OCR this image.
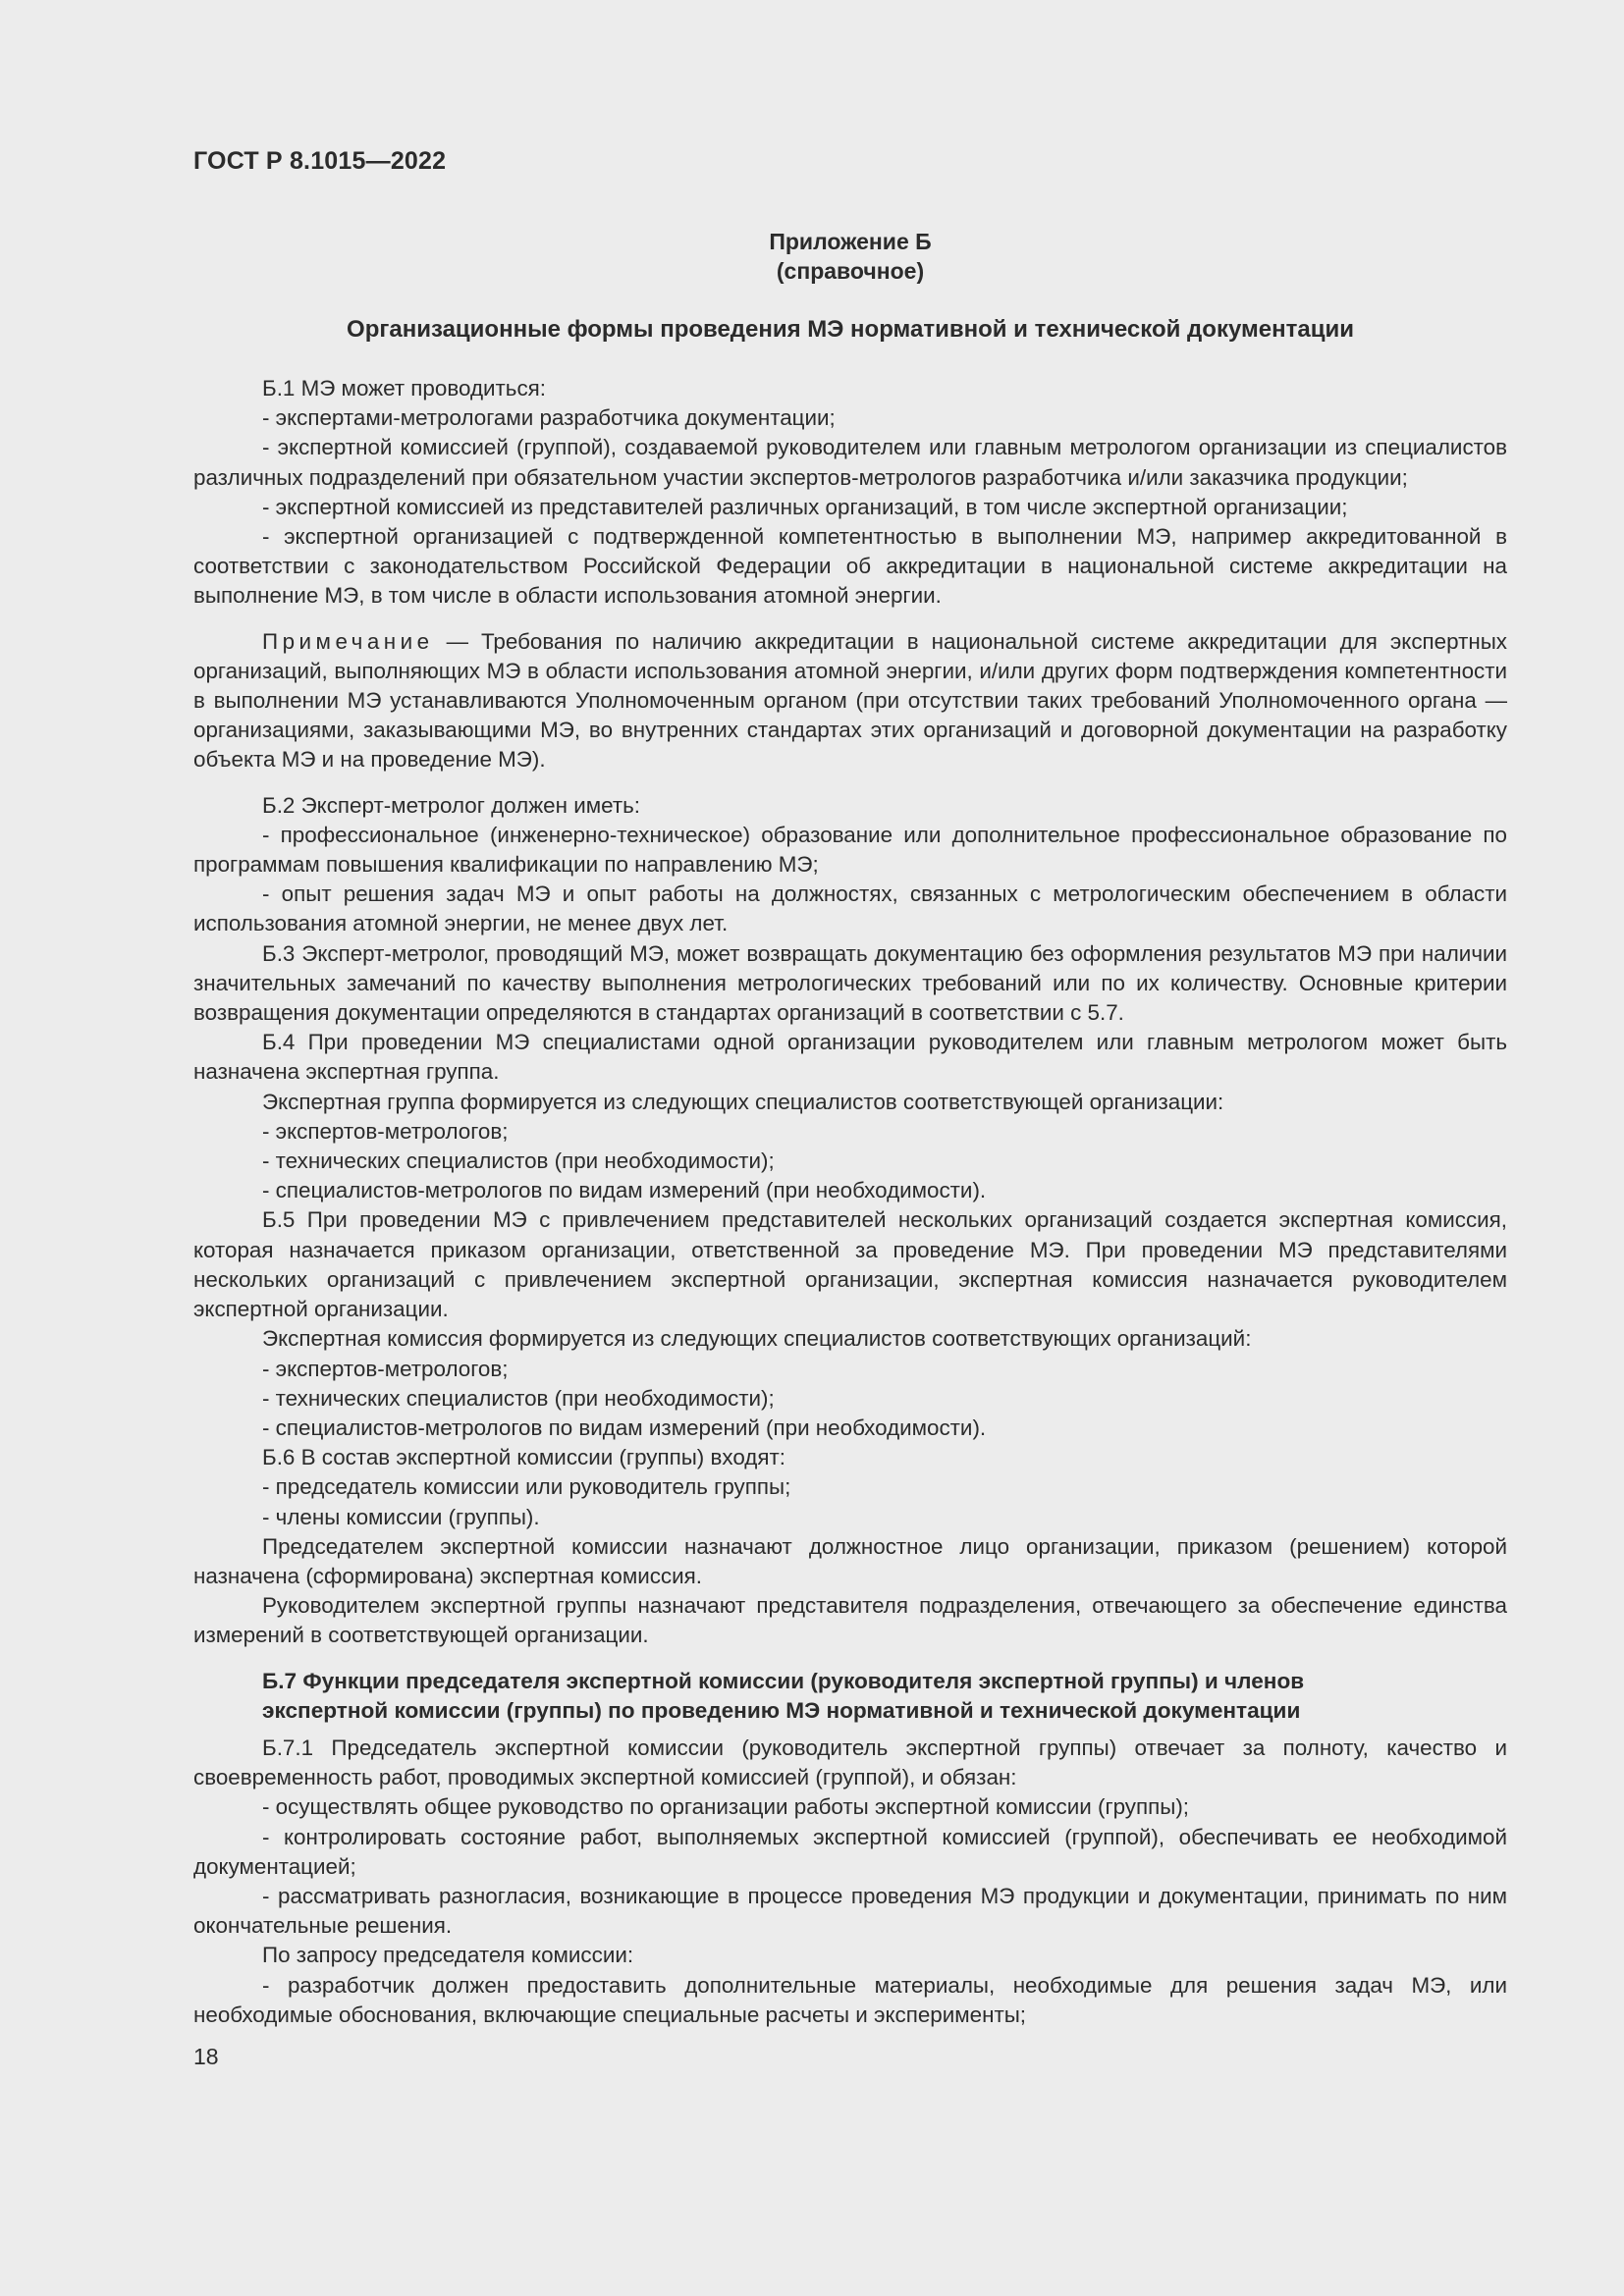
ГОСТ Р 8.1015—2022
Приложение Б
(справочное)
Организационные формы проведения МЭ нормативной и технической документации

Б.1 МЭ может проводиться:

- экспертами-метрологами разработчика документации;

- экспертной комиссией (группой), создаваемой руководителем или главным метрологом организации из специалистов различных подразделений при обязательном участии экспертов-метрологов разработчика и/или заказчика продукции;

- экспертной комиссией из представителей различных организаций, в том числе экспертной организации;

- экспертной организацией с подтвержденной компетентностью в выполнении МЭ, например аккредитованной в соответствии с законодательством Российской Федерации об аккредитации в национальной системе аккредитации на выполнение МЭ, в том числе в области использования атомной энергии.

Примечание — Требования по наличию аккредитации в национальной системе аккредитации для экспертных организаций, выполняющих МЭ в области использования атомной энергии, и/или других форм подтверждения компетентности в выполнении МЭ устанавливаются Уполномоченным органом (при отсутствии таких требований Уполномоченного органа — организациями, заказывающими МЭ, во внутренних стандартах этих организаций и договорной документации на разработку объекта МЭ и на проведение МЭ).

Б.2 Эксперт-метролог должен иметь:

- профессиональное (инженерно-техническое) образование или дополнительное профессиональное образование по программам повышения квалификации по направлению МЭ;

- опыт решения задач МЭ и опыт работы на должностях, связанных с метрологическим обеспечением в области использования атомной энергии, не менее двух лет.

Б.3 Эксперт-метролог, проводящий МЭ, может возвращать документацию без оформления результатов МЭ при наличии значительных замечаний по качеству выполнения метрологических требований или по их количеству. Основные критерии возвращения документации определяются в стандартах организаций в соответствии с 5.7.

Б.4 При проведении МЭ специалистами одной организации руководителем или главным метрологом может быть назначена экспертная группа.

Экспертная группа формируется из следующих специалистов соответствующей организации:

- экспертов-метрологов;

- технических специалистов (при необходимости);

- специалистов-метрологов по видам измерений (при необходимости).

Б.5 При проведении МЭ с привлечением представителей нескольких организаций создается экспертная комиссия, которая назначается приказом организации, ответственной за проведение МЭ. При проведении МЭ представителями нескольких организаций с привлечением экспертной организации, экспертная комиссия назначается руководителем экспертной организации.

Экспертная комиссия формируется из следующих специалистов соответствующих организаций:

- экспертов-метрологов;

- технических специалистов (при необходимости);

- специалистов-метрологов по видам измерений (при необходимости).

Б.6 В состав экспертной комиссии (группы) входят:

- председатель комиссии или руководитель группы;

- члены комиссии (группы).

Председателем экспертной комиссии назначают должностное лицо организации, приказом (решением) которой назначена (сформирована) экспертная комиссия.

Руководителем экспертной группы назначают представителя подразделения, отвечающего за обеспечение единства измерений в соответствующей организации.

Б.7 Функции председателя экспертной комиссии (руководителя экспертной группы) и членов
экспертной комиссии (группы) по проведению МЭ нормативной и технической документации

Б.7.1 Председатель экспертной комиссии (руководитель экспертной группы) отвечает за полноту, качество и своевременность работ, проводимых экспертной комиссией (группой), и обязан:

- осуществлять общее руководство по организации работы экспертной комиссии (группы);

- контролировать состояние работ, выполняемых экспертной комиссией (группой), обеспечивать ее необходимой документацией;

- рассматривать разногласия, возникающие в процессе проведения МЭ продукции и документации, принимать по ним окончательные решения.

По запросу председателя комиссии:

- разработчик должен предоставить дополнительные материалы, необходимые для решения задач МЭ, или необходимые обоснования, включающие специальные расчеты и эксперименты;

18
